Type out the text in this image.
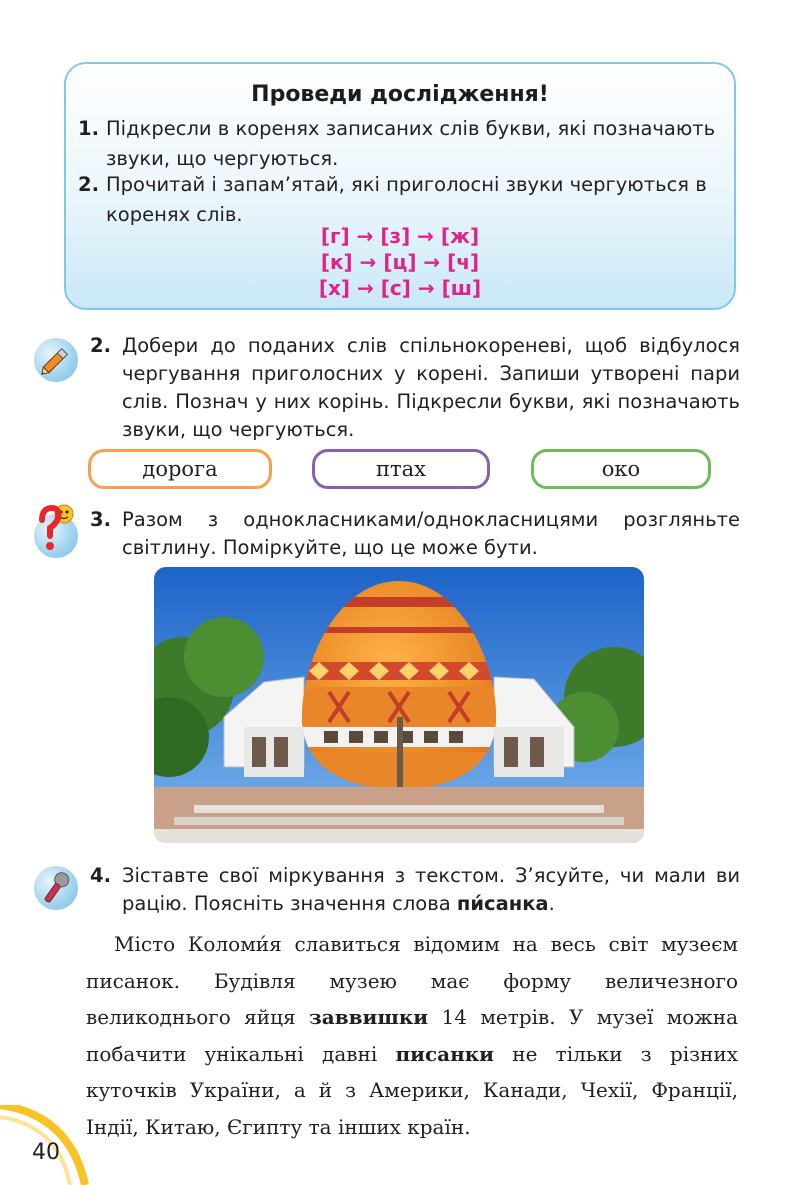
Проведи дослідження!
1. Підкресли в коренях записаних слів букви, які позначають звуки, що чергуються.
2. Прочитай і запам’ятай, які приголосні звуки чергуються в коренях слів.
[г] → [з] → [ж]
[к] → [ц] → [ч]
[х] → [с] → [ш]
2. Добери до поданих слів спільнокореневі, щоб відбулося чергування приголосних у корені. Запиши утворені пари слів. Познач у них корінь. Підкресли букви, які позначають звуки, що чергуються.
дорога	птах	око
3. Разом з однокласниками/однокласницями розгляньте світлину. Поміркуйте, що це може бути.
4. Зіставте свої міркування з текстом. З’ясуйте, чи мали ви рацію. Поясніть значення слова пи́санка.

Місто Коломи́я славиться відомим на весь світ музеєм писанок. Будівля музею має форму величезного великоднього яйця заввишки 14 метрів. У музеї можна побачити унікальні давні писанки не тільки з різних куточків України, а й з Америки, Канади, Чехії, Франції, Індії, Китаю, Єгипту та інших країн.

40
